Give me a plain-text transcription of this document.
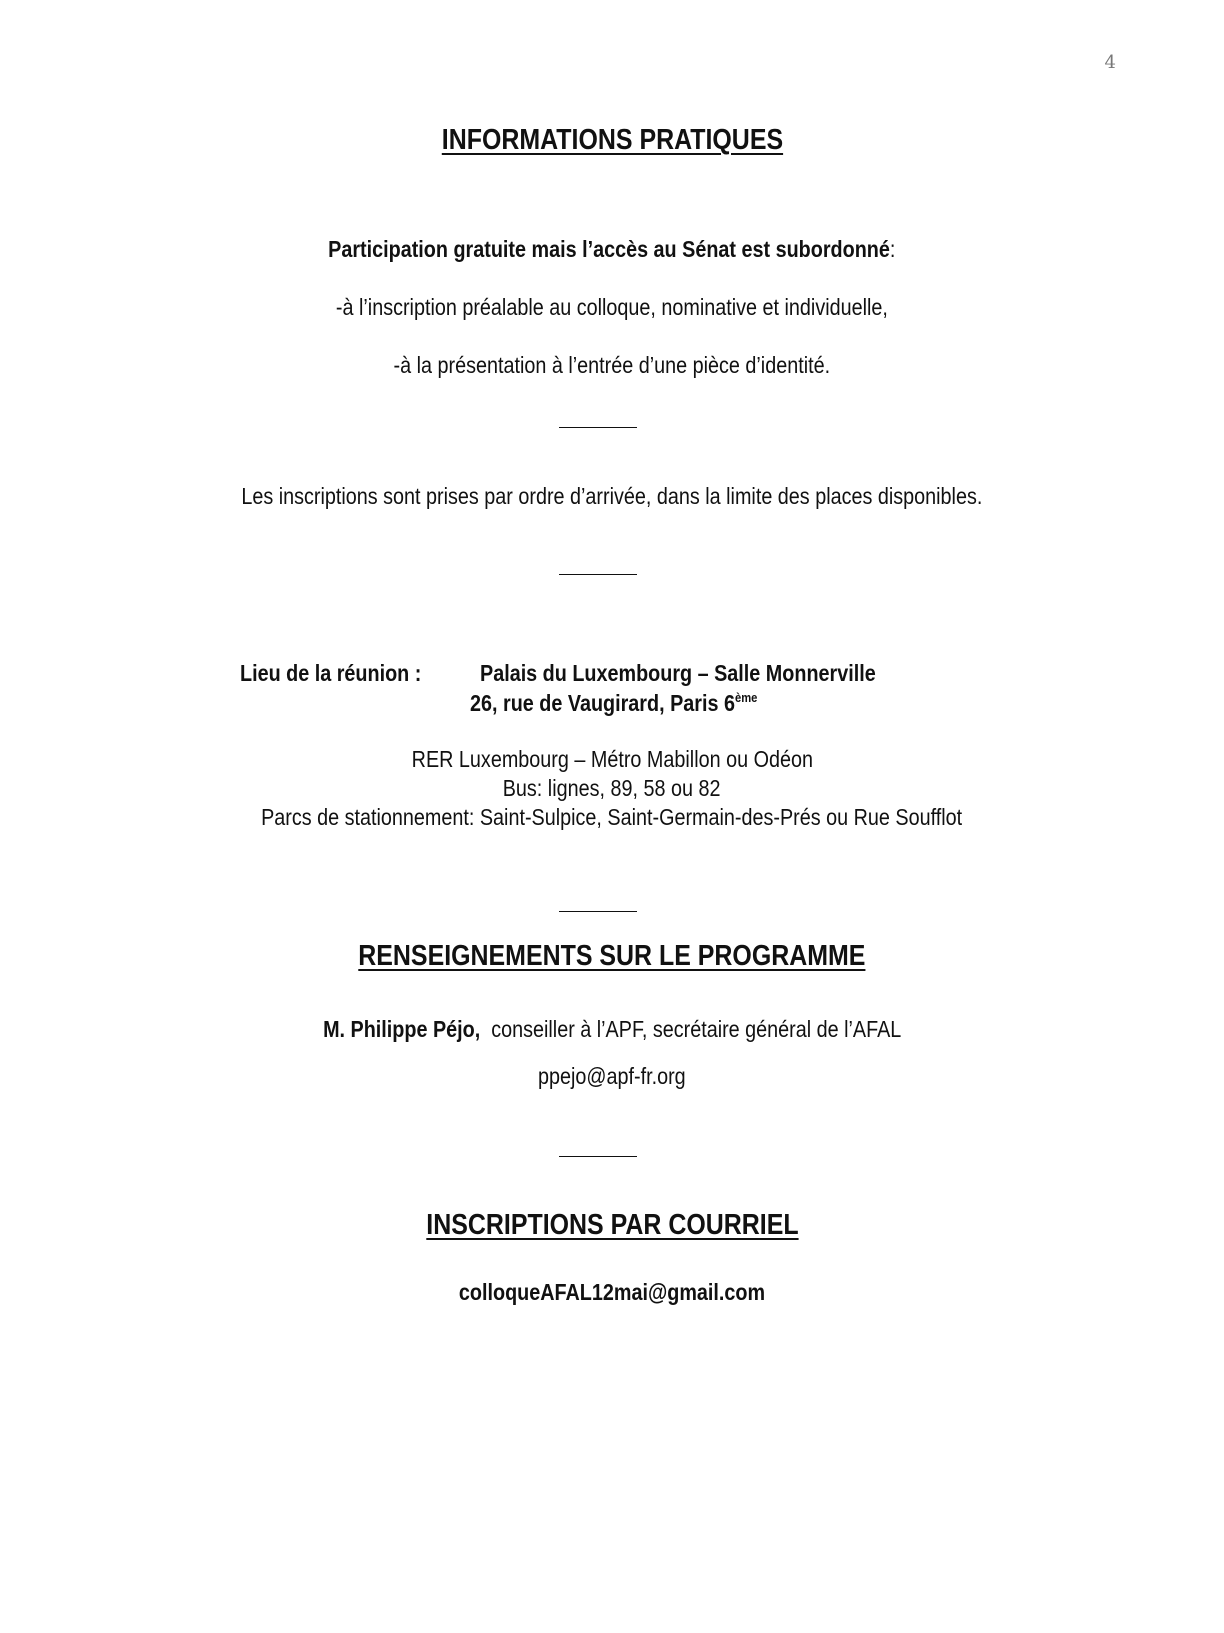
4
INFORMATIONS PRATIQUES
Participation gratuite mais l’accès au Sénat est subordonné:
-à l’inscription préalable au colloque, nominative et individuelle,
-à la présentation à l’entrée d’une pièce d’identité.
Les inscriptions sont prises par ordre d’arrivée, dans la limite des places disponibles.
Lieu de la réunion :	Palais du Luxembourg – Salle Monnerville
26, rue de Vaugirard, Paris 6ème
RER Luxembourg – Métro Mabillon ou Odéon
Bus: lignes, 89, 58 ou 82
Parcs de stationnement: Saint-Sulpice, Saint-Germain-des-Prés ou Rue Soufflot
RENSEIGNEMENTS SUR LE PROGRAMME
M. Philippe Péjo, conseiller à l’APF, secrétaire général de l’AFAL
ppejo@apf-fr.org
INSCRIPTIONS PAR COURRIEL
colloqueAFAL12mai@gmail.com
